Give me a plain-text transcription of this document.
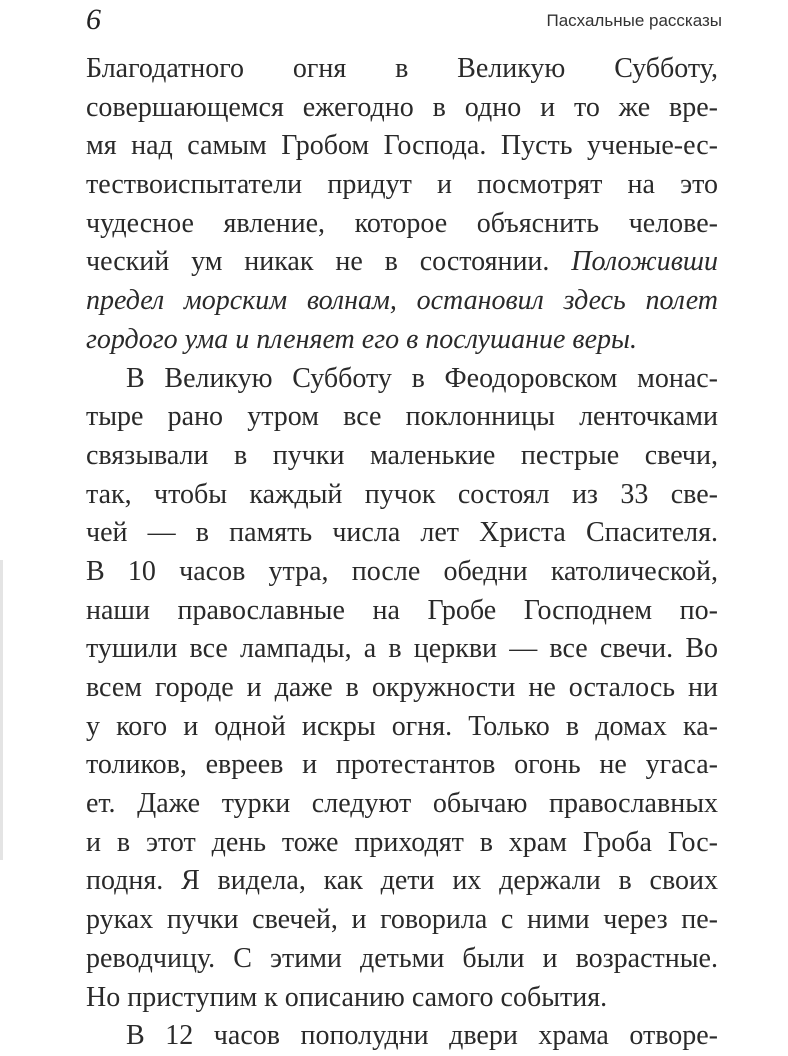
6	Пасхальные рассказы
Благодатного огня в Великую Субботу,
совершающемся ежегодно в одно и то же вре-
мя над самым Гробом Господа. Пусть ученые-ес-
тествоиспытатели придут и посмотрят на это
чудесное явление, которое объяснить челове-
ческий ум никак не в состоянии. Положивши
предел морским волнам, остановил здесь полет
гордого ума и пленяет его в послушание веры.
В Великую Субботу в Феодоровском монас-
тыре рано утром все поклонницы ленточками
связывали в пучки маленькие пестрые свечи,
так, чтобы каждый пучок состоял из 33 све-
чей — в память числа лет Христа Спасителя.
В 10 часов утра, после обедни католической,
наши православные на Гробе Господнем по-
тушили все лампады, а в церкви — все свечи. Во
всем городе и даже в окружности не осталось ни
у кого и одной искры огня. Только в домах ка-
толиков, евреев и протестантов огонь не угаса-
ет. Даже турки следуют обычаю православных
и в этот день тоже приходят в храм Гроба Гос-
подня. Я видела, как дети их держали в своих
руках пучки свечей, и говорила с ними через пе-
реводчицу. С этими детьми были и возрастные.
Но приступим к описанию самого события.
В 12 часов пополудни двери храма отворе-
